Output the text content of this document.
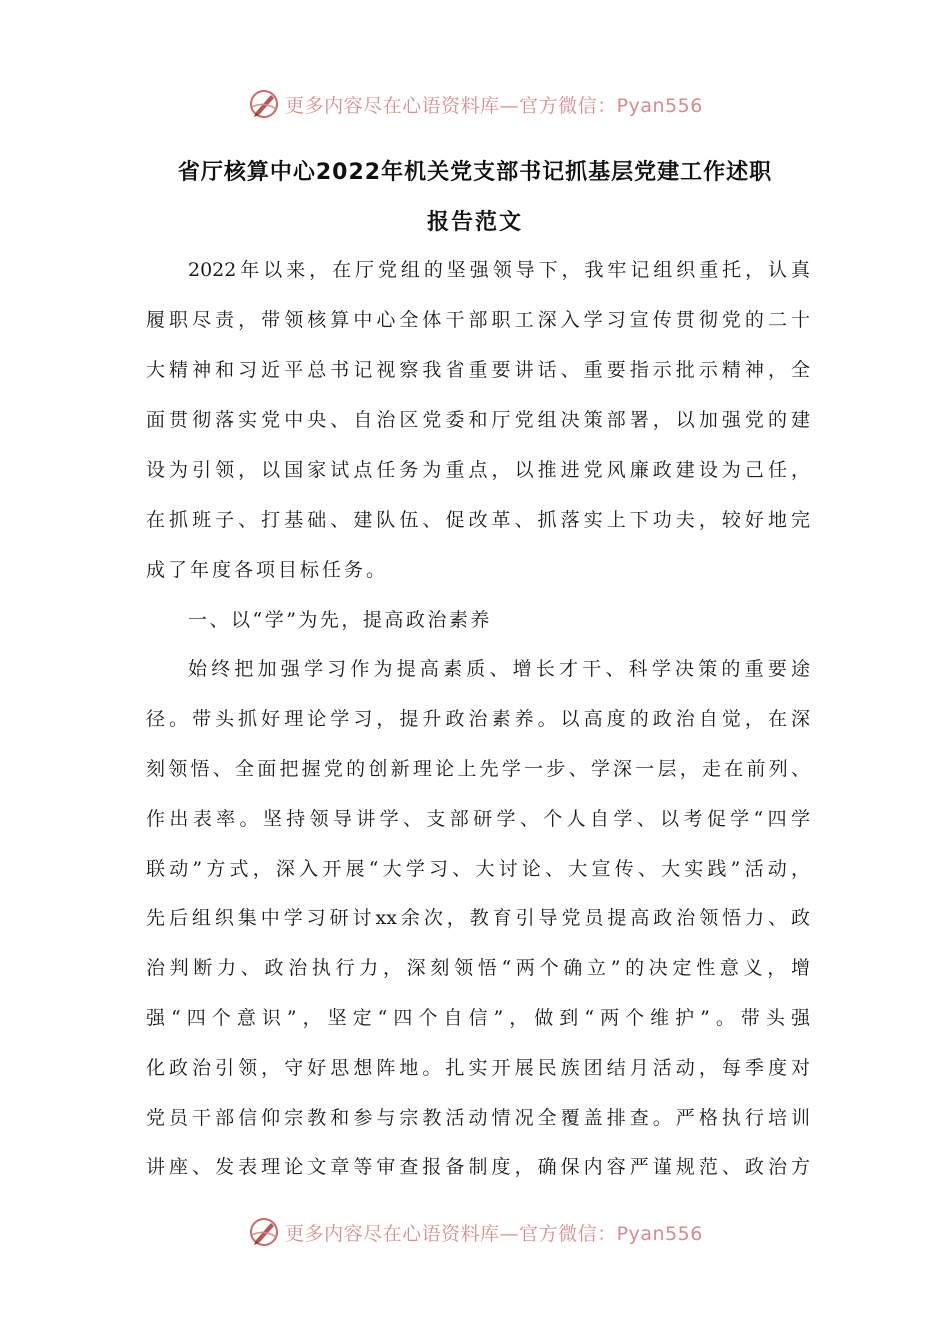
更多内容尽在心语资料库—官方微信：Pyan556
省厅核算中心2022年机关党支部书记抓基层党建工作述职
报告范文
2022年以来，在厅党组的坚强领导下，我牢记组织重托，认真
履职尽责，带领核算中心全体干部职工深入学习宣传贯彻党的二十
大精神和习近平总书记视察我省重要讲话、重要指示批示精神，全
面贯彻落实党中央、自治区党委和厅党组决策部署，以加强党的建
设为引领，以国家试点任务为重点，以推进党风廉政建设为己任，
在抓班子、打基础、建队伍、促改革、抓落实上下功夫，较好地完
成了年度各项目标任务。
一、以“学”为先，提高政治素养
始终把加强学习作为提高素质、增长才干、科学决策的重要途
径。带头抓好理论学习，提升政治素养。以高度的政治自觉，在深
刻领悟、全面把握党的创新理论上先学一步、学深一层，走在前列、
作出表率。坚持领导讲学、支部研学、个人自学、以考促学“四学
联动”方式，深入开展“大学习、大讨论、大宣传、大实践”活动，
先后组织集中学习研讨xx余次，教育引导党员提高政治领悟力、政
治判断力、政治执行力，深刻领悟“两个确立”的决定性意义，增
强“四个意识”，坚定“四个自信”，做到“两个维护”。带头强
化政治引领，守好思想阵地。扎实开展民族团结月活动，每季度对
党员干部信仰宗教和参与宗教活动情况全覆盖排查。严格执行培训
讲座、发表理论文章等审查报备制度，确保内容严谨规范、政治方
更多内容尽在心语资料库—官方微信：Pyan556
